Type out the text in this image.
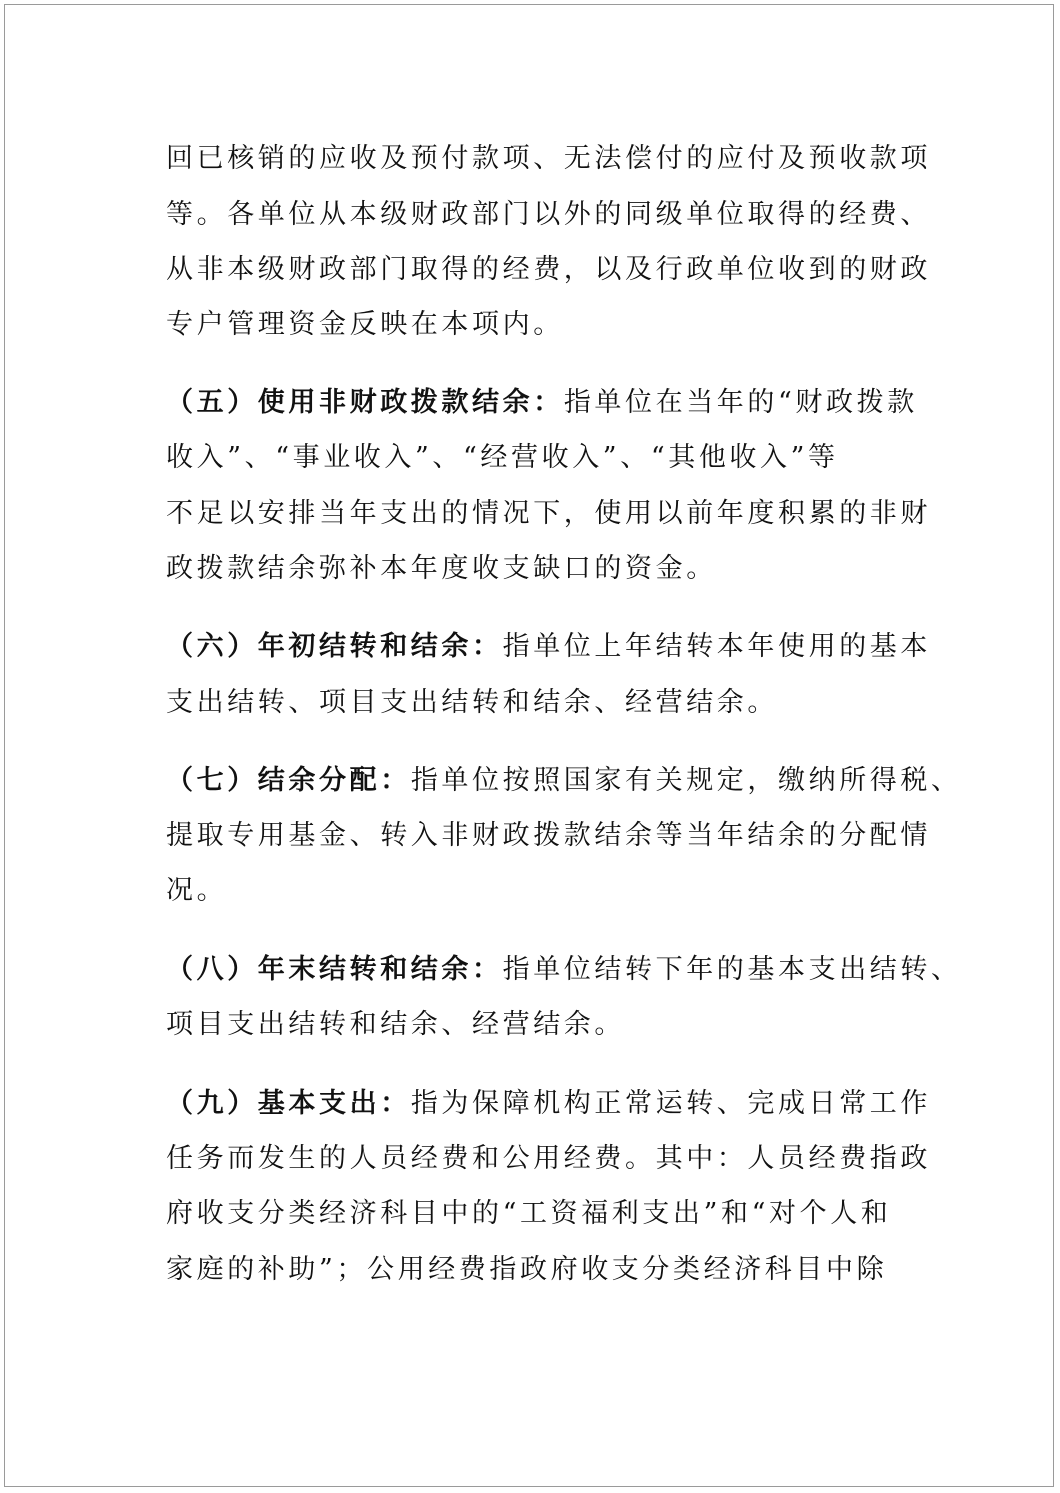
回已核销的应收及预付款项、无法偿付的应付及预收款项
等。各单位从本级财政部门以外的同级单位取得的经费、
从非本级财政部门取得的经费，以及行政单位收到的财政
专户管理资金反映在本项内。
（五）使用非财政拨款结余：指单位在当年的“财政拨款
收入”、“事业收入”、“经营收入”、“其他收入”等
不足以安排当年支出的情况下，使用以前年度积累的非财
政拨款结余弥补本年度收支缺口的资金。
（六）年初结转和结余：指单位上年结转本年使用的基本
支出结转、项目支出结转和结余、经营结余。
（七）结余分配：指单位按照国家有关规定，缴纳所得税、
提取专用基金、转入非财政拨款结余等当年结余的分配情
况。
（八）年末结转和结余：指单位结转下年的基本支出结转、
项目支出结转和结余、经营结余。
（九）基本支出：指为保障机构正常运转、完成日常工作
任务而发生的人员经费和公用经费。其中：人员经费指政
府收支分类经济科目中的“工资福利支出”和“对个人和
家庭的补助”；公用经费指政府收支分类经济科目中除
